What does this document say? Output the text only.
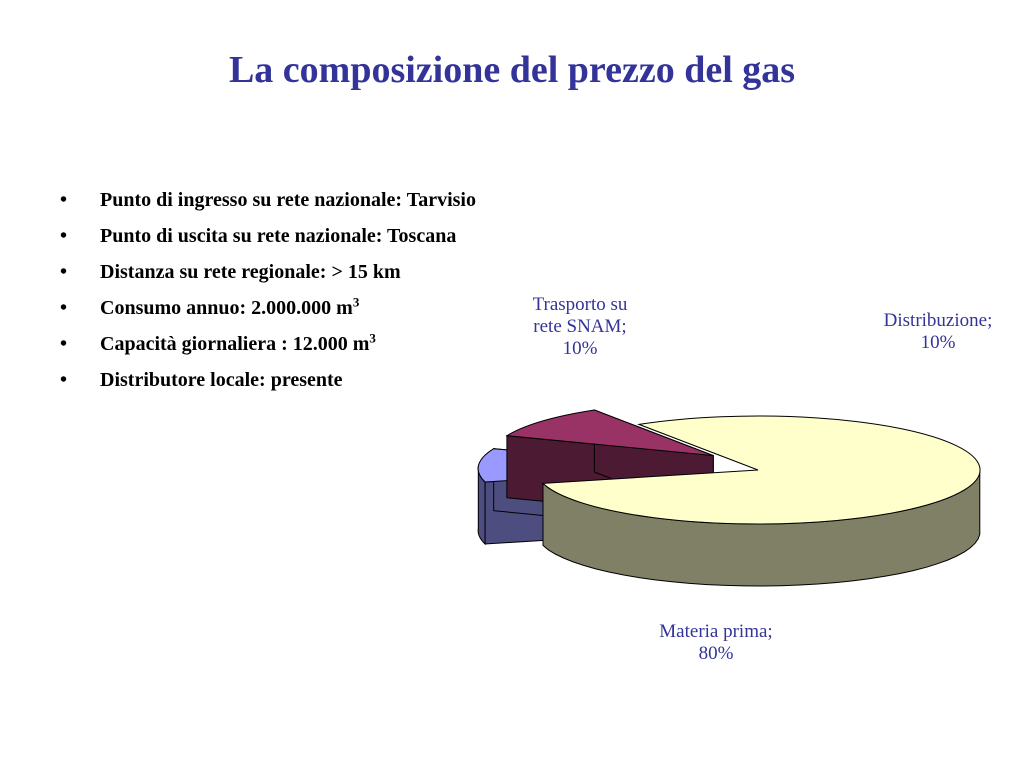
La composizione del prezzo del gas
• Punto di ingresso su rete nazionale: Tarvisio
• Punto di uscita su rete nazionale: Toscana
• Distanza su rete regionale: > 15 km
• Consumo annuo: 2.000.000 $m^3$
• Capacità giornaliera : 12.000 $m^3$
• Distributore locale: presente
Materia prima; 80%
Trasporto su rete SNAM; 10%
Distribuzione; 10%
